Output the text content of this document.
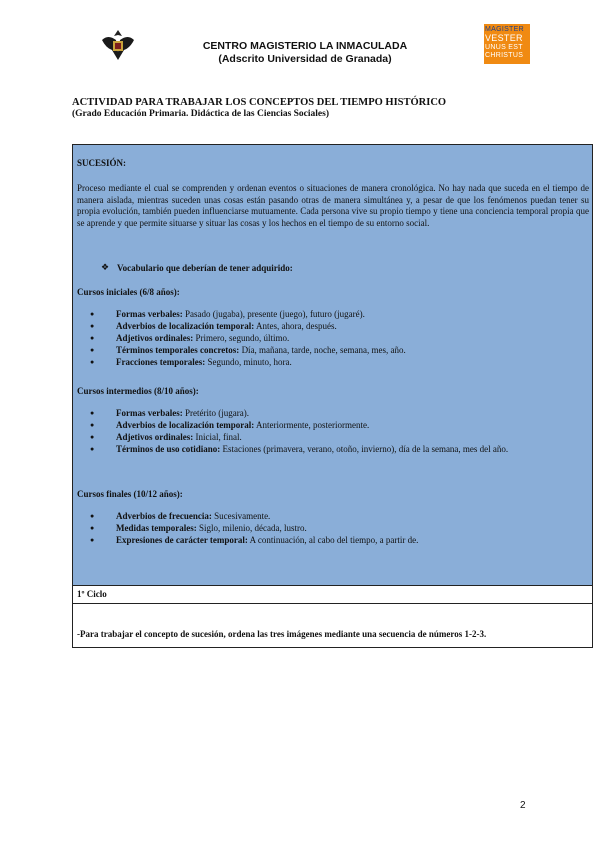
CENTRO MAGISTERIO LA INMACULADA
(Adscrito Universidad de Granada)
MAGISTER
VESTER
UNUS EST
CHRISTUS
ACTIVIDAD PARA TRABAJAR LOS CONCEPTOS DEL TIEMPO HISTÓRICO
(Grado Educación Primaria. Didáctica de las Ciencias Sociales)
SUCESIÓN:
Proceso mediante el cual se comprenden y ordenan eventos o situaciones de manera cronológica. No hay nada que suceda en el tiempo de manera aislada, mientras suceden unas cosas están pasando otras de manera simultánea y, a pesar de que los fenómenos puedan tener su propia evolución, también pueden influenciarse mutuamente. Cada persona vive su propio tiempo y tiene una conciencia temporal propia que se aprende y que permite situarse y situar las cosas y los hechos en el tiempo de su entorno social.
❖ Vocabulario que deberían de tener adquirido:
Cursos iniciales (6/8 años):
● Formas verbales: Pasado (jugaba), presente (juego), futuro (jugaré).
● Adverbios de localización temporal: Antes, ahora, después.
● Adjetivos ordinales: Primero, segundo, último.
● Términos temporales concretos: Día, mañana, tarde, noche, semana, mes, año.
● Fracciones temporales: Segundo, minuto, hora.
Cursos intermedios (8/10 años):
● Formas verbales: Pretérito (jugara).
● Adverbios de localización temporal: Anteriormente, posteriormente.
● Adjetivos ordinales: Inicial, final.
● Términos de uso cotidiano: Estaciones (primavera, verano, otoño, invierno), día de la semana, mes del año.
Cursos finales (10/12 años):
● Adverbios de frecuencia: Sucesivamente.
● Medidas temporales: Siglo, milenio, década, lustro.
● Expresiones de carácter temporal: A continuación, al cabo del tiempo, a partir de.
1º Ciclo
-Para trabajar el concepto de sucesión, ordena las tres imágenes mediante una secuencia de números 1-2-3.
2
